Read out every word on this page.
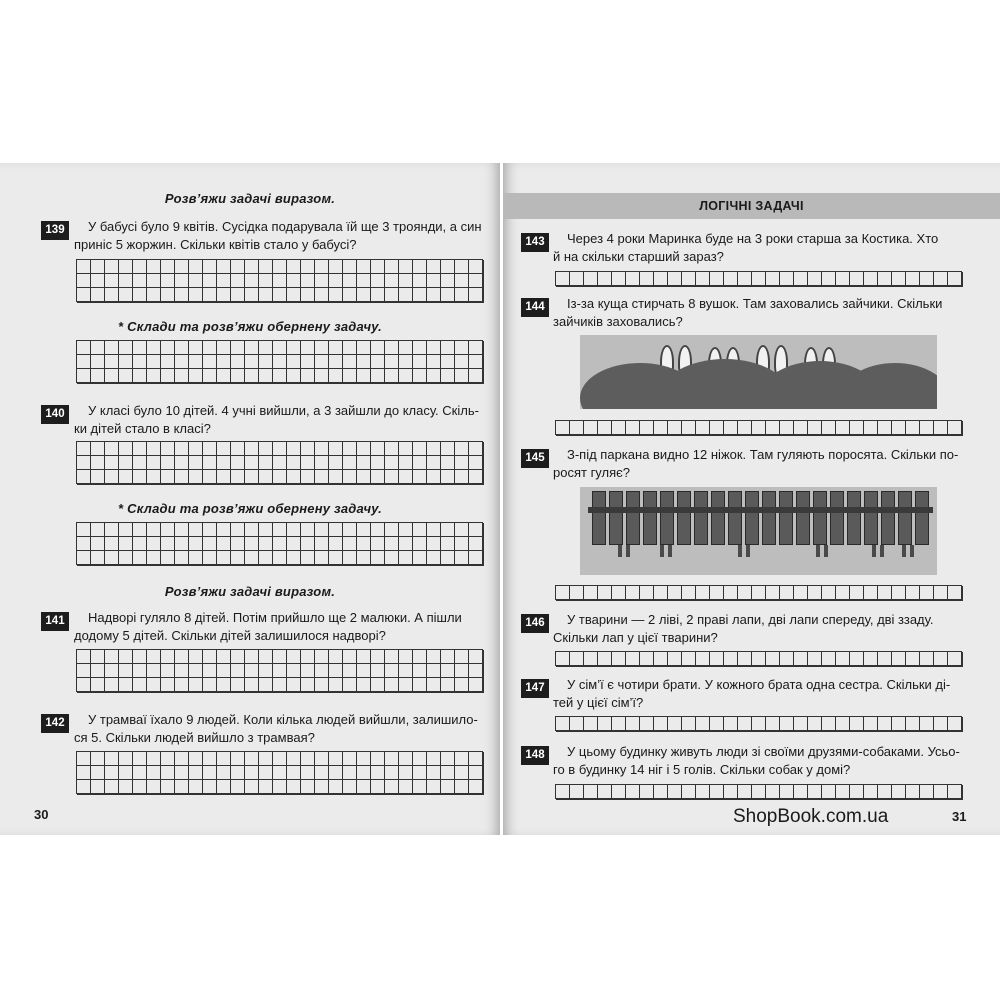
Розв’яжи задачі виразом.
139	У бабусі було 9 квітів. Сусідка подарувала їй ще 3 троянди, а син
приніс 5 жоржин. Скільки квітів стало у бабусі?
* Склади та розв’яжи обернену задачу.
140	У класі було 10 дітей. 4 учні вийшли, а 3 зайшли до класу. Скіль-
ки дітей стало в класі?
* Склади та розв’яжи обернену задачу.
Розв’яжи задачі виразом.
141	Надворі гуляло 8 дітей. Потім прийшло ще 2 малюки. А пішли
додому 5 дітей. Скільки дітей залишилося надворі?
142	У трамваї їхало 9 людей. Коли кілька людей вийшли, залишило-
ся 5. Скільки людей вийшло з трамвая?
30
ЛОГІЧНІ ЗАДАЧІ
143	Через 4 роки Маринка буде на 3 роки старша за Костика. Хто
й на скільки старший зараз?
144	Із-за куща стирчать 8 вушок. Там заховались зайчики. Скільки
зайчиків заховались?
145	З-під паркана видно 12 ніжок. Там гуляють поросята. Скільки по-
росят гуляє?
146	У тварини — 2 ліві, 2 праві лапи, дві лапи спереду, дві ззаду.
Скільки лап у цієї тварини?
147	У сім’ї є чотири брати. У кожного брата одна сестра. Скільки ді-
тей у цієї сім’ї?
148	У цьому будинку живуть люди зі своїми друзями-собаками. Усьо-
го в будинку 14 ніг і 5 голів. Скільки собак у домі?
31
ShopBook.com.ua
